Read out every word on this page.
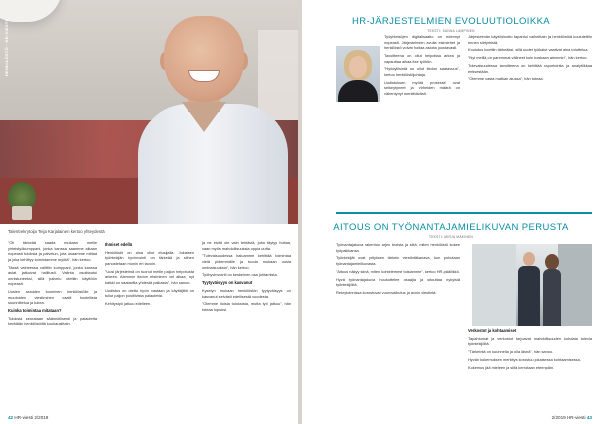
HENKILÖSTÖ · HR-VIESTI
Talentrekrytoija Teija Karjalainen kertoo yhteydestä

"Oli tärkeää saada mukaan meille yhteistyökumppani, jonka kanssa saamme aikaan nopeasti tuloksia ja palvelun, jota osaamme mittaa ja joka kehittyy toimintamme myötä", hän kertoo.

Tässä vaiheessa valittiin kumppani, jonka kanssa asiat jatkuivat hallitusti. Valinta osoittautui onnistuneeksi, sillä palvelu otettiin käyttöön nopeasti.

Uusien asioiden tuominen henkilöstölle ja muutosten viestiminen vaatii huolellista suunnittelua ja tukea.

Kuinka toimintaa mitataan?

Tuloksia seurataan säännöllisesti ja palautetta kerätään henkilöstöltä kuukausittain.

Ihmiset edellä

Henkilöstö on aina ollut etusijalla. Jokaisen työntekijän hyvinvointi on tärkeää ja siihen panostetaan monin eri tavoin.

"Uusi järjestelmä on tuonut meille paljon helpotusta arkeen. Aiemmin tiedon etsiminen vei aikaa, nyt kaikki on saatavilla yhdestä paikasta", hän sanoo.

Uudistus on otettu hyvin vastaan ja käyttäjiltä on tullut paljon positiivista palautetta.

Kehitystyö jatkuu edelleen.

ja ne eivät ole vain tehtäviä, joita täytyy hoitaa, vaan myös mahdollisuuksia oppia uutta.

"Tulevaisuudessa haluamme kehittää toimintaa vielä pidemmälle ja tuoda mukaan uusia ominaisuuksia", hän kertoo.

Työhyvinvointi on keskeinen osa johtamista.

Tyytyväisyys on kasvanut

Kyselyn mukaan henkilöstön tyytyväisyys on kasvanut selvästi edellisestä vuodesta.

"Olemme iloisia tuloksista, mutta työ jatkuu", hän toteaa lopuksi.

42 HR-viesti 2/2019
HR-JÄRJESTELMIEN EVOLUUTIOLOIKKA
TEKSTI: SANNA LAMPINEN

Työyhteisöjen digitalisaatio on edennyt nopeasti. Järjestelmien avulla esimiehet ja henkilöstö voivat hoitaa asioita joustavasti.

Tavoitteena on ollut helpottaa arkea ja vapauttaa aikaa itse työhön.

"Hyödyllisintä on ollut tiedon saatavuus", kertoo henkilöstöjohtaja.

Uudistuksen myötä prosessit ovat selkeytyneet ja virheiden määrä on vähentynyt merkittävästi.

Järjestelmän käyttöönotto tapahtui vaiheittain ja henkilöstöä koulutettiin ennen siirtymistä.

Koulutus koettiin tärkeäksi, sillä uudet työkalut vaativat aina totuttelua.

"Nyt meillä on paremmat välineet kuin koskaan aiemmin", hän kertoo.

Tulevaisuudessa tavoitteena on kehittää raportointia ja analytiikkaa entisestään.

"Olemme vasta matkan alussa", hän toteaa.

AITOUS ON TYÖNANTAJAMIELIKUVAN PERUSTA
TEKSTI: MIRJA MÄKINEN

Työnantajakuva rakentuu arjen teoista ja siitä, miten henkilöstö kokee työpaikkansa.

Työntekijät ovat yrityksen tärkein viestintäkanava, kun puhutaan työnantajamielikuvasta.

"Aitous näkyy siinä, miten kohtelemme toisiamme", kertoo HR-päällikkö.

Hyvä työnantajakuva houkuttelee osaajia ja sitouttaa nykyisiä työntekijöitä.

Rekrytoinnissa korostuvat vuorovaikutus ja avoin viestintä.

Verkostot ja kohtaamiset

Tapahtumat ja verkostot tarjoavat mahdollisuuden kohdata tulevia työntekijöitä.

"Tärkeintä on kuunnella ja olla läsnä", hän sanoo.

Hyvän kokemuksen merkitys korostuu jokaisessa kohtaamisessa.

Kokemus jää mieleen ja siitä kerrotaan eteenpäin.

2/2019 HR-viesti 43
